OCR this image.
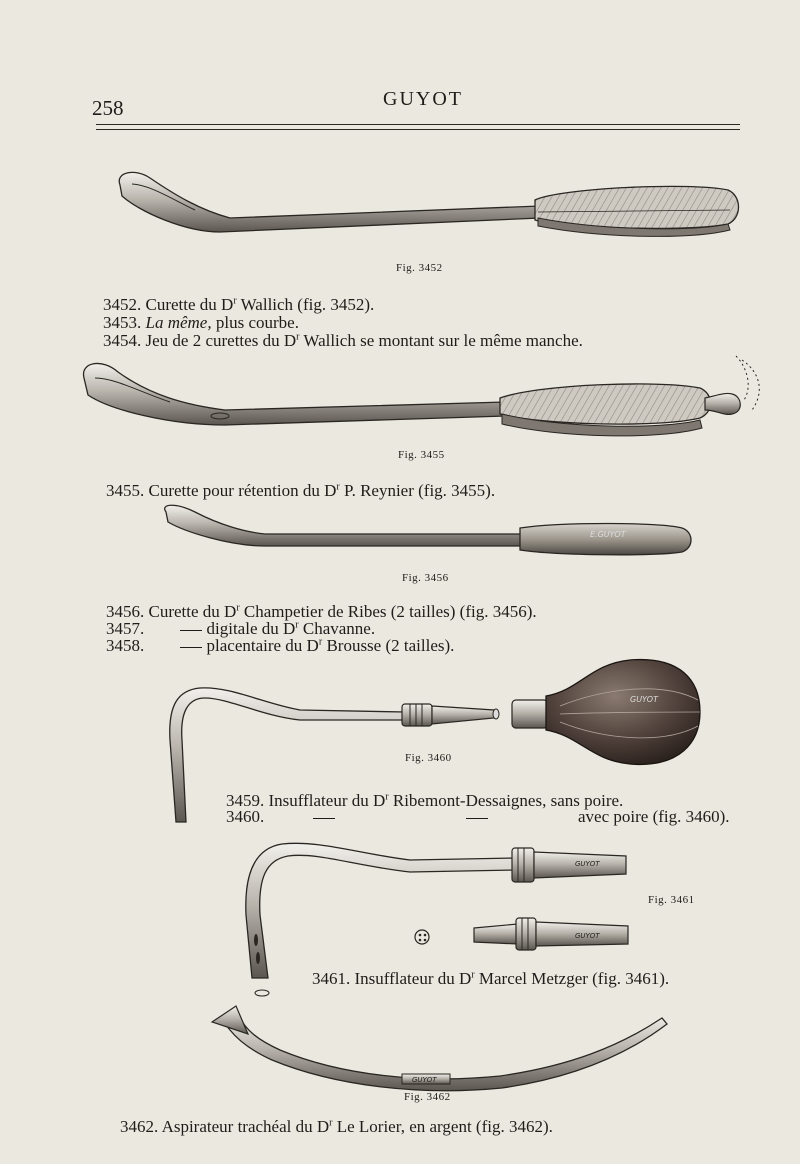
258	GUYOT
E.GUYOT
GUYOT
GUYOT
GUYOT
GUYOT
Fig. 3452
Fig. 3455
Fig. 3456
Fig. 3460
Fig. 3461
Fig. 3462
3452. Curette du $D^r$ Wallich (fig. 3452).
3453. La même, plus courbe.
3454. Jeu de 2 curettes du $D^r$ Wallich se montant sur le même manche.
3455. Curette pour rétention du $D^r$ P. Reynier (fig. 3455).
3456. Curette du $D^r$ Champetier de Ribes (2 tailles) (fig. 3456).
3457.	digitale du $D^r$ Chavanne.
3458.	placentaire du $D^r$ Brousse (2 tailles).
3459. Insufflateur du $D^r$ Ribemont-Dessaignes, sans poire.
3460.	avec poire (fig. 3460).
3461. Insufflateur du $D^r$ Marcel Metzger (fig. 3461).
3462. Aspirateur trachéal du $D^r$ Le Lorier, en argent (fig. 3462).
